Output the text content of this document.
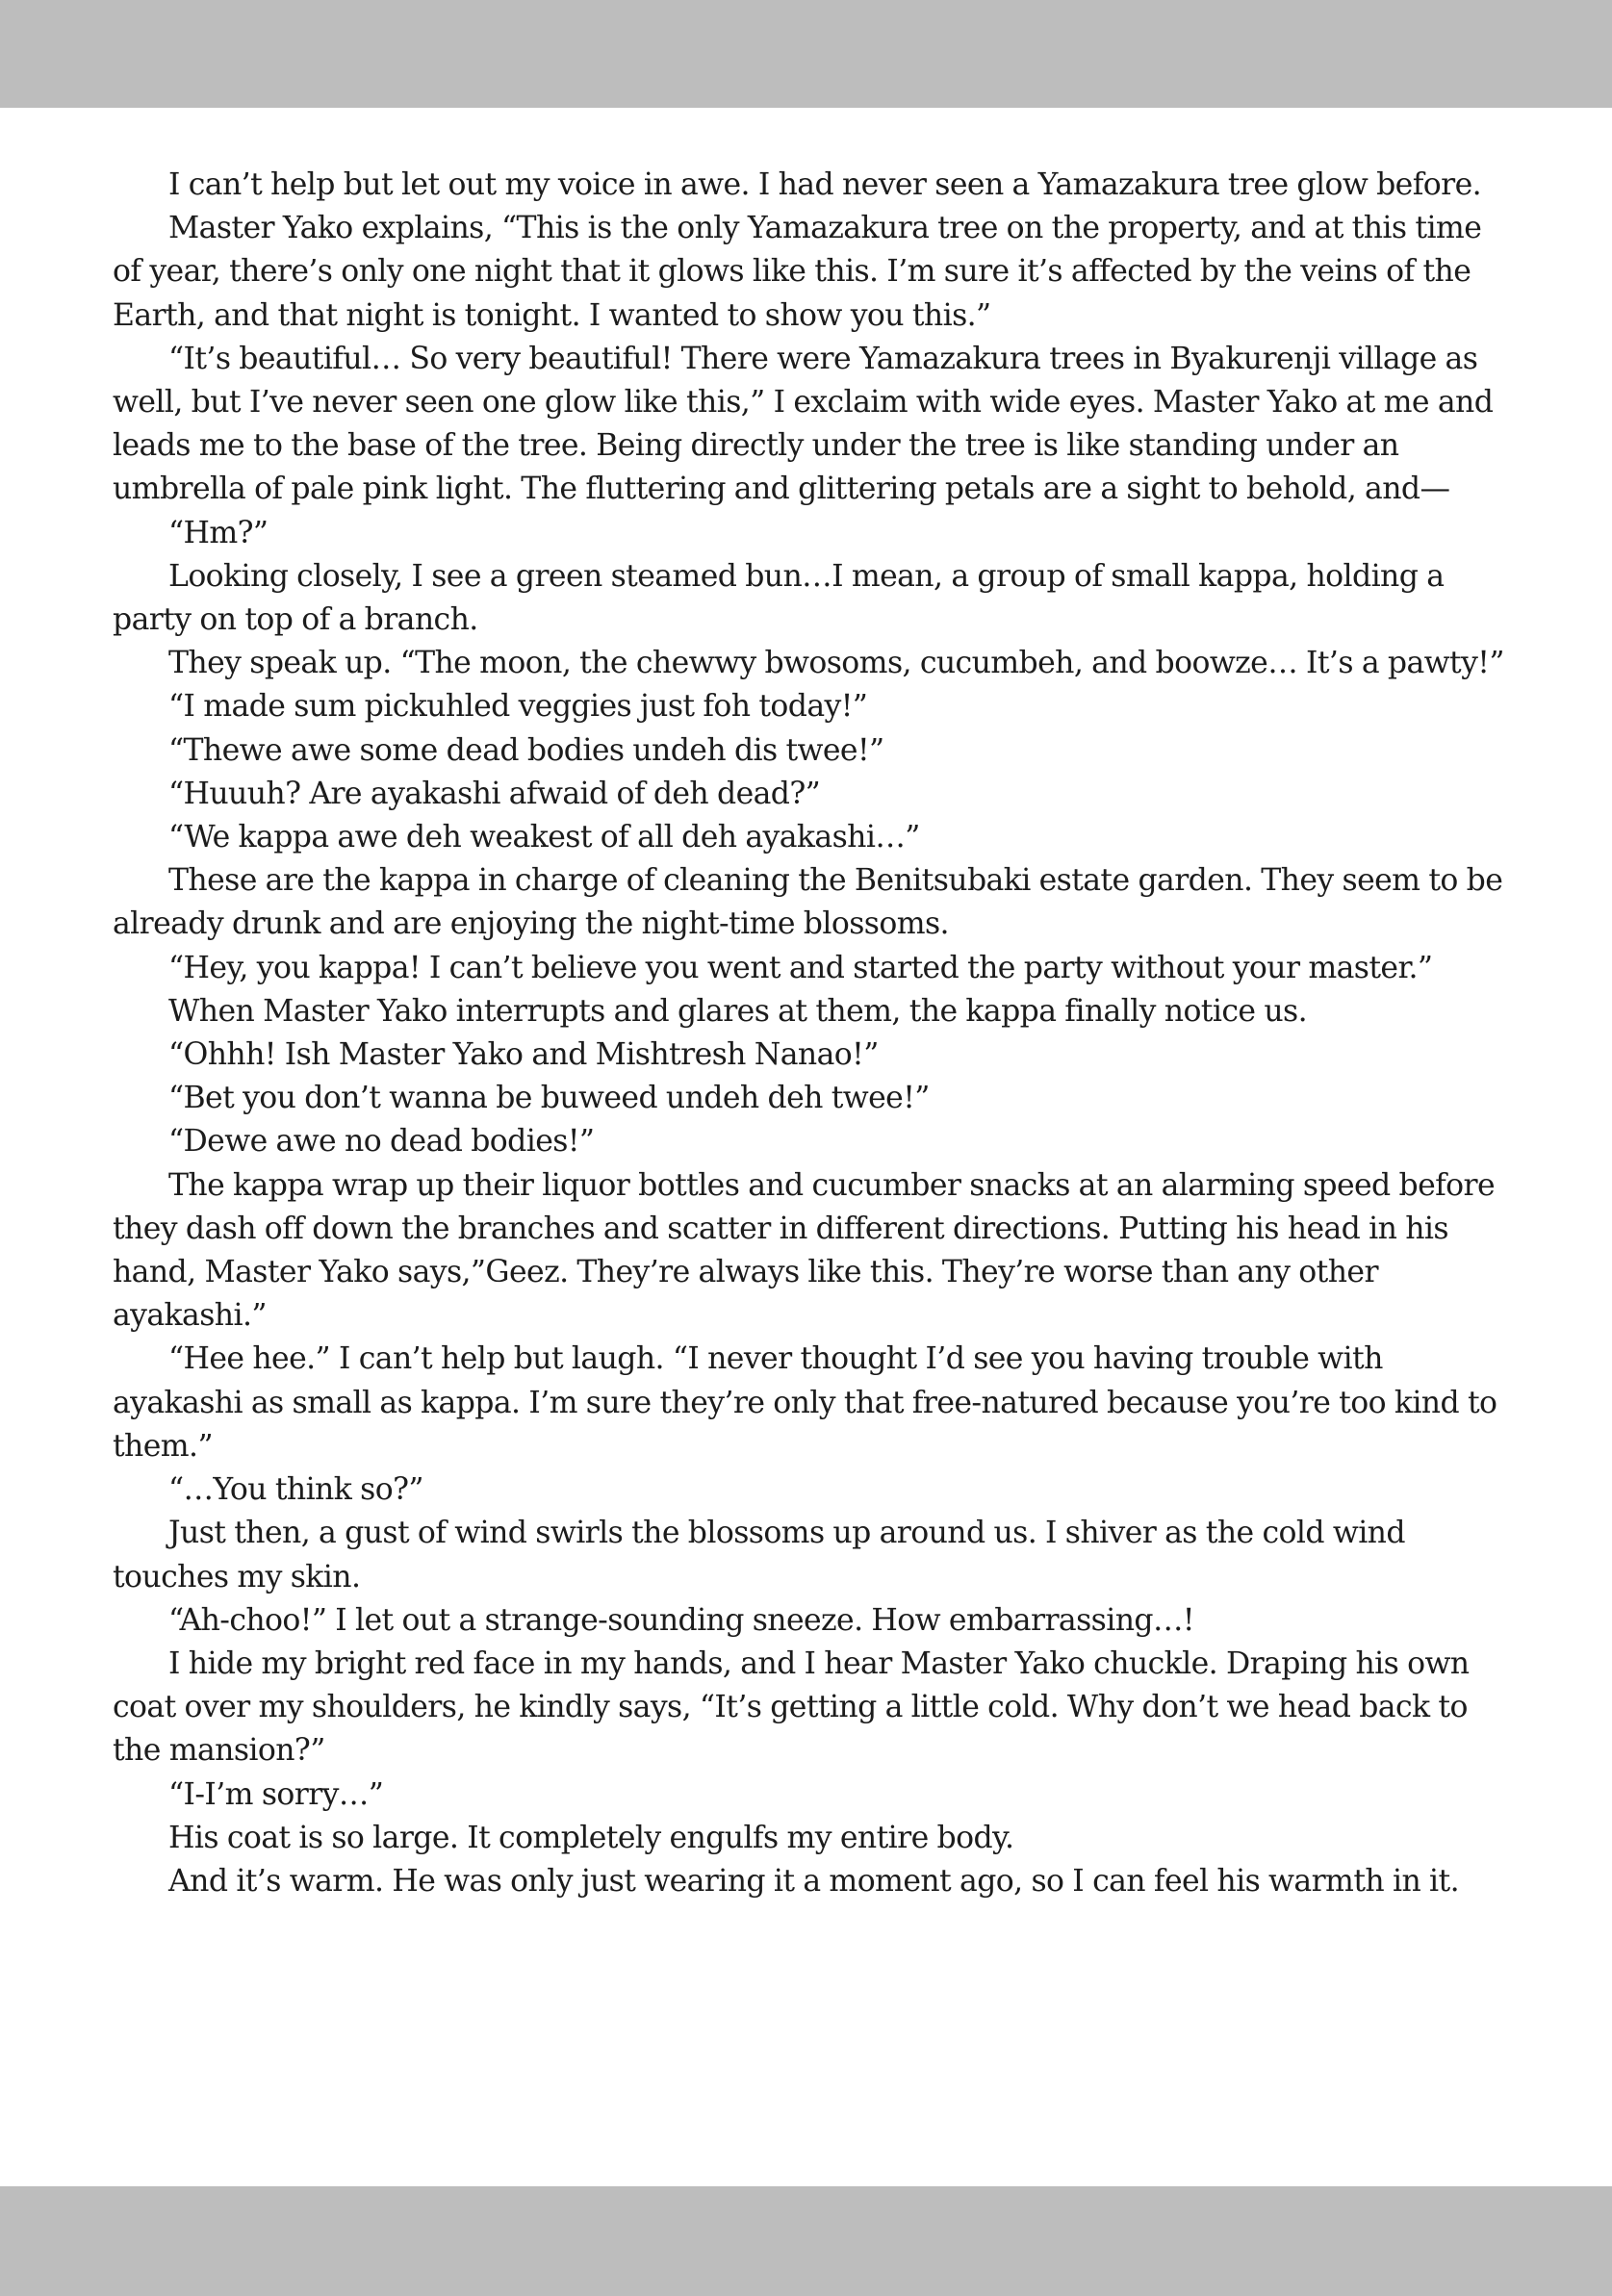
I can’t help but let out my voice in awe. I had never seen a Yamazakura tree glow before.

Master Yako explains, “This is the only Yamazakura tree on the property, and at this time of year, there’s only one night that it glows like this. I’m sure it’s affected by the veins of the Earth, and that night is tonight. I wanted to show you this.”

“It’s beautiful… So very beautiful! There were Yamazakura trees in Byakurenji village as well, but I’ve never seen one glow like this,” I exclaim with wide eyes. Master Yako at me and leads me to the base of the tree. Being directly under the tree is like standing under an umbrella of pale pink light. The fluttering and glittering petals are a sight to behold, and—

“Hm?”

Looking closely, I see a green steamed bun…I mean, a group of small kappa, holding a party on top of a branch.

They speak up. “The moon, the chewwy bwosoms, cucumbeh, and boowze… It’s a pawty!”

“I made sum pickuhled veggies just foh today!”

“Thewe awe some dead bodies undeh dis twee!”

“Huuuh? Are ayakashi afwaid of deh dead?”

“We kappa awe deh weakest of all deh ayakashi…”

These are the kappa in charge of cleaning the Benitsubaki estate garden. They seem to be already drunk and are enjoying the night-time blossoms.

“Hey, you kappa! I can’t believe you went and started the party without your master.”

When Master Yako interrupts and glares at them, the kappa finally notice us.

“Ohhh! Ish Master Yako and Mishtresh Nanao!”

“Bet you don’t wanna be buweed undeh deh twee!”

“Dewe awe no dead bodies!”

The kappa wrap up their liquor bottles and cucumber snacks at an alarming speed before they dash off down the branches and scatter in different directions. Putting his head in his hand, Master Yako says,”Geez. They’re always like this. They’re worse than any other ayakashi.”

“Hee hee.” I can’t help but laugh. “I never thought I’d see you having trouble with ayakashi as small as kappa. I’m sure they’re only that free-natured because you’re too kind to them.”

“…You think so?”

Just then, a gust of wind swirls the blossoms up around us. I shiver as the cold wind touches my skin.

“Ah-choo!” I let out a strange-sounding sneeze. How embarrassing…!

I hide my bright red face in my hands, and I hear Master Yako chuckle. Draping his own coat over my shoulders, he kindly says, “It’s getting a little cold. Why don’t we head back to the mansion?”

“I-I’m sorry…”

His coat is so large. It completely engulfs my entire body.

And it’s warm. He was only just wearing it a moment ago, so I can feel his warmth in it.
